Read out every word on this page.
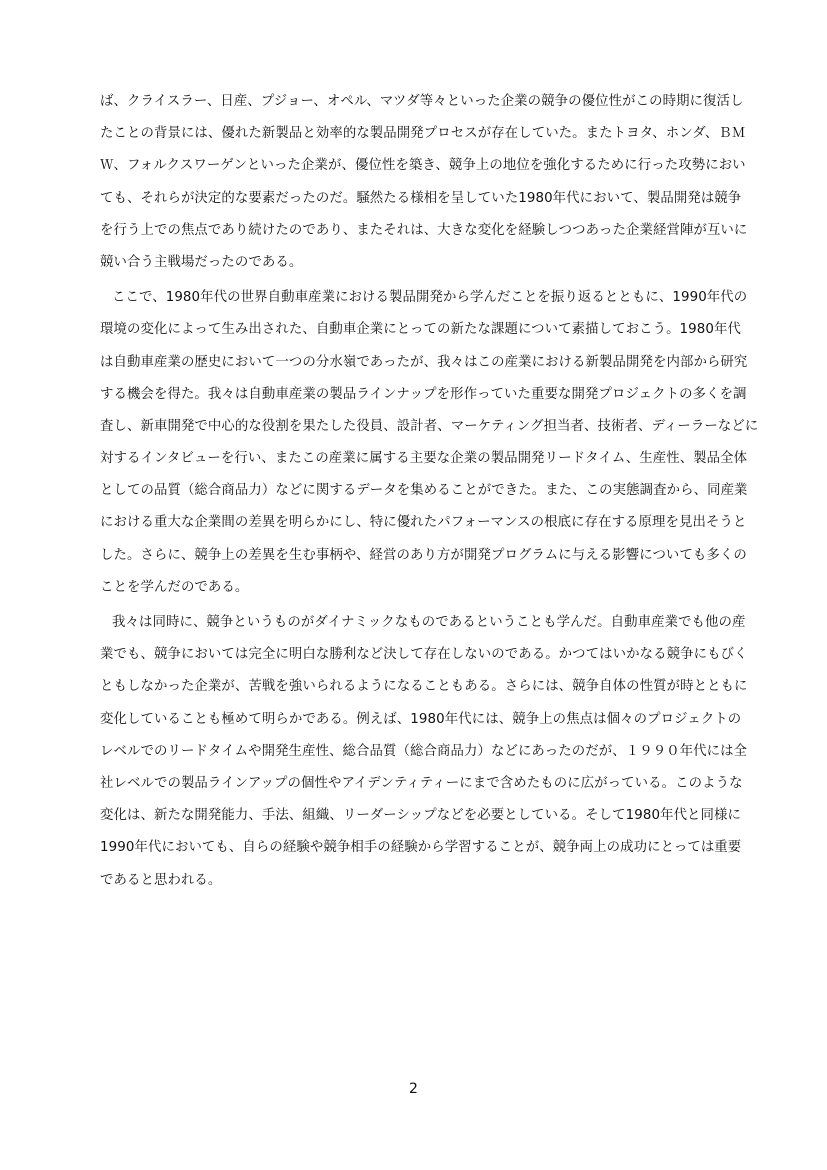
ば、クライスラー、日産、プジョー、オペル、マツダ等々といった企業の競争の優位性がこの時期に復活し
たことの背景には、優れた新製品と効率的な製品開発プロセスが存在していた。またトヨタ、ホンダ、ＢＭ
Ｗ、フォルクスワーゲンといった企業が、優位性を築き、競争上の地位を強化するために行った攻勢におい
ても、それらが決定的な要素だったのだ。騒然たる様相を呈していた1980年代において、製品開発は競争
を行う上での焦点であり続けたのであり、またそれは、大きな変化を経験しつつあった企業経営陣が互いに
競い合う主戦場だったのである。
ここで、1980年代の世界自動車産業における製品開発から学んだことを振り返るとともに、1990年代の
環境の変化によって生み出された、自動車企業にとっての新たな課題について素描しておこう。1980年代
は自動車産業の歴史において一つの分水嶺であったが、我々はこの産業における新製品開発を内部から研究
する機会を得た。我々は自動車産業の製品ラインナップを形作っていた重要な開発プロジェクトの多くを調
査し、新車開発で中心的な役割を果たした役員、設計者、マーケティング担当者、技術者、ディーラーなどに
対するインタビューを行い、またこの産業に属する主要な企業の製品開発リードタイム、生産性、製品全体
としての品質（総合商品力）などに関するデータを集めることができた。また、この実態調査から、同産業
における重大な企業間の差異を明らかにし、特に優れたパフォーマンスの根底に存在する原理を見出そうと
した。さらに、競争上の差異を生む事柄や、経営のあり方が開発プログラムに与える影響についても多くの
ことを学んだのである。
我々は同時に、競争というものがダイナミックなものであるということも学んだ。自動車産業でも他の産
業でも、競争においては完全に明白な勝利など決して存在しないのである。かつてはいかなる競争にもびく
ともしなかった企業が、苦戦を強いられるようになることもある。さらには、競争自体の性質が時とともに
変化していることも極めて明らかである。例えば、1980年代には、競争上の焦点は個々のプロジェクトの
レベルでのリードタイムや開発生産性、総合品質（総合商品力）などにあったのだが、１９９０年代には全
社レベルでの製品ラインアップの個性やアイデンティティーにまで含めたものに広がっている。このような
変化は、新たな開発能力、手法、組織、リーダーシップなどを必要としている。そして1980年代と同様に
1990年代においても、自らの経験や競争相手の経験から学習することが、競争両上の成功にとっては重要
であると思われる。
2
